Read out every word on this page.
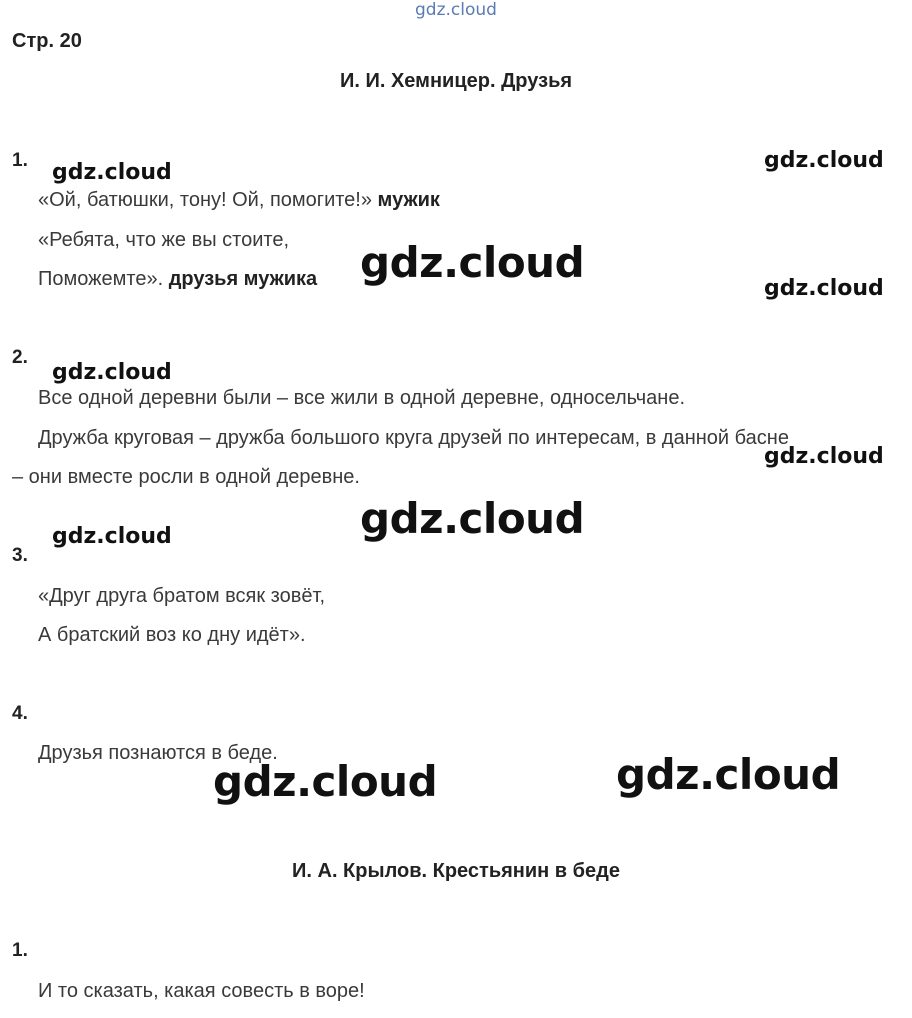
gdz.cloud
Стр. 20
И. И. Хемницер. Друзья
1.
«Ой, батюшки, тону! Ой, помогите!» мужик
«Ребята, что же вы стоите,
Поможемте». друзья мужика
2.
Все одной деревни были – все жили в одной деревне, односельчане.
Дружба круговая – дружба большого круга друзей по интересам, в данной басне
– они вместе росли в одной деревне.
3.
«Друг друга братом всяк зовёт,
А братский воз ко дну идёт».
4.
Друзья познаются в беде.
И. А. Крылов. Крестьянин в беде
1.
И то сказать, какая совесть в воре!
gdz.cloud	gdz.cloud
gdz.cloud
gdz.cloud
gdz.cloud
gdz.cloud
gdz.cloud
gdz.cloud
gdz.cloud
gdz.cloud
